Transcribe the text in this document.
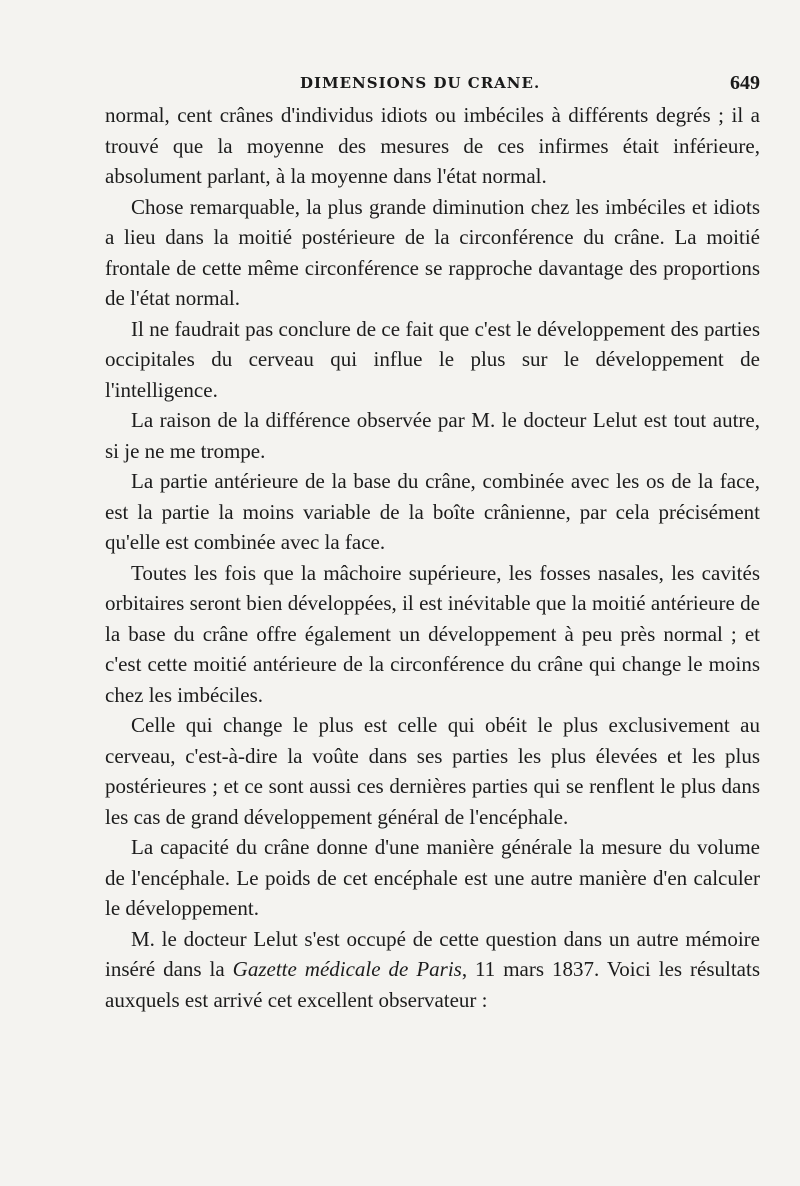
DIMENSIONS DU CRANE.	649

normal, cent crânes d'individus idiots ou imbéciles à différents degrés ; il a trouvé que la moyenne des mesures de ces infirmes était inférieure, absolument parlant, à la moyenne dans l'état normal.

Chose remarquable, la plus grande diminution chez les imbéciles et idiots a lieu dans la moitié postérieure de la circonférence du crâne. La moitié frontale de cette même circonférence se rapproche davantage des proportions de l'état normal.

Il ne faudrait pas conclure de ce fait que c'est le développement des parties occipitales du cerveau qui influe le plus sur le développement de l'intelligence.

La raison de la différence observée par M. le docteur Lelut est tout autre, si je ne me trompe.

La partie antérieure de la base du crâne, combinée avec les os de la face, est la partie la moins variable de la boîte crânienne, par cela précisément qu'elle est combinée avec la face.

Toutes les fois que la mâchoire supérieure, les fosses nasales, les cavités orbitaires seront bien développées, il est inévitable que la moitié antérieure de la base du crâne offre également un développement à peu près normal ; et c'est cette moitié antérieure de la circonférence du crâne qui change le moins chez les imbéciles.

Celle qui change le plus est celle qui obéit le plus exclusivement au cerveau, c'est-à-dire la voûte dans ses parties les plus élevées et les plus postérieures ; et ce sont aussi ces dernières parties qui se renflent le plus dans les cas de grand développement général de l'encéphale.

La capacité du crâne donne d'une manière générale la mesure du volume de l'encéphale. Le poids de cet encéphale est une autre manière d'en calculer le développement.

M. le docteur Lelut s'est occupé de cette question dans un autre mémoire inséré dans la Gazette médicale de Paris, 11 mars 1837. Voici les résultats auxquels est arrivé cet excellent observateur :
